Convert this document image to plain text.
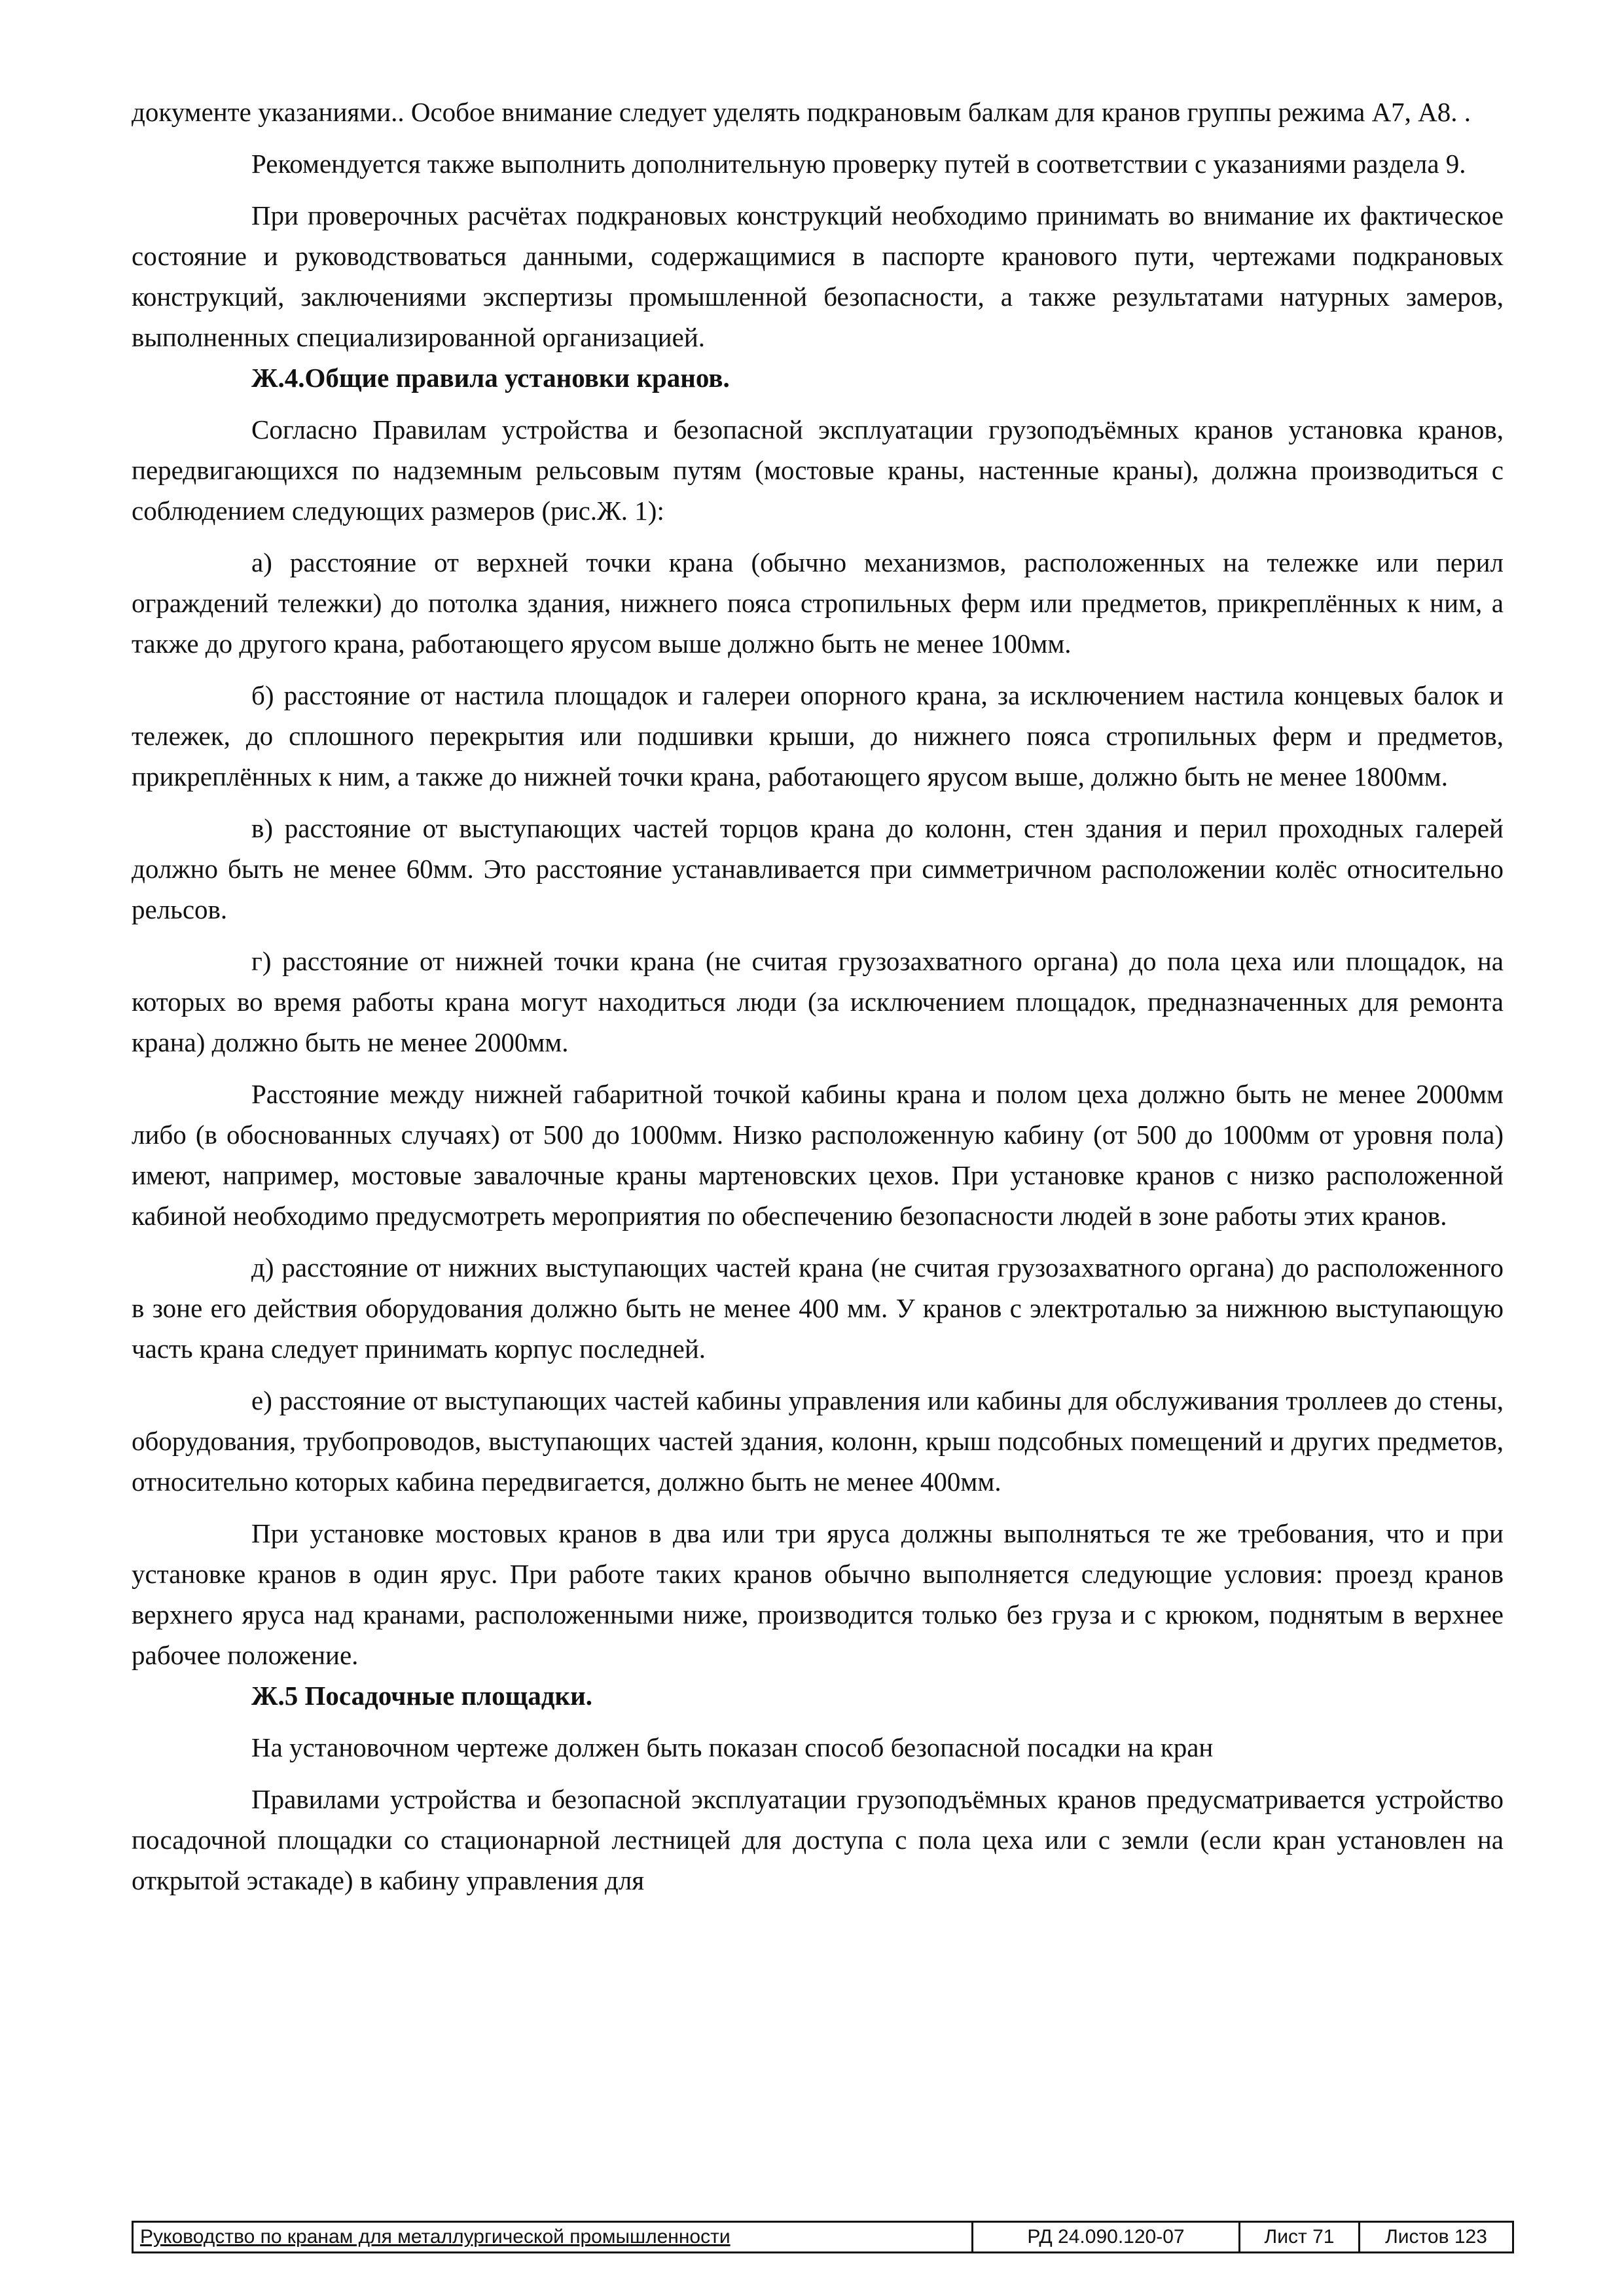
документе указаниями.. Особое внимание следует уделять подкрановым балкам для кранов группы режима А7, А8. .

Рекомендуется также выполнить дополнительную проверку путей в соответствии с указаниями раздела 9.

При проверочных расчётах подкрановых конструкций необходимо принимать во внимание их фактическое состояние и руководствоваться данными, содержащимися в паспорте кранового пути, чертежами подкрановых конструкций, заключениями экспертизы промышленной безопасности, а также результатами натурных замеров, выполненных специализированной организацией.

Ж.4.Общие правила установки кранов.

Согласно Правилам устройства и безопасной эксплуатации грузоподъёмных кранов установка кранов, передвигающихся по надземным рельсовым путям (мостовые краны, настенные краны), должна производиться с соблюдением следующих размеров (рис.Ж. 1):

а) расстояние от верхней точки крана (обычно механизмов, расположенных на тележке или перил ограждений тележки) до потолка здания, нижнего пояса стропильных ферм или предметов, прикреплённых к ним, а также до другого крана, работающего ярусом выше должно быть не менее 100мм.

б) расстояние от настила площадок и галереи опорного крана, за исключением настила концевых балок и тележек, до сплошного перекрытия или подшивки крыши, до нижнего пояса стропильных ферм и предметов, прикреплённых к ним, а также до нижней точки крана, работающего ярусом выше, должно быть не менее 1800мм.

в) расстояние от выступающих частей торцов крана до колонн, стен здания и перил проходных галерей должно быть не менее 60мм. Это расстояние устанавливается при симметричном расположении колёс относительно рельсов.

г) расстояние от нижней точки крана (не считая грузозахватного органа) до пола цеха или площадок, на которых во время работы крана могут находиться люди (за исключением площадок, предназначенных для ремонта крана) должно быть не менее 2000мм.

Расстояние между нижней габаритной точкой кабины крана и полом цеха должно быть не менее 2000мм либо (в обоснованных случаях) от 500 до 1000мм. Низко расположенную кабину (от 500 до 1000мм от уровня пола) имеют, например, мостовые завалочные краны мартеновских цехов. При установке кранов с низко расположенной кабиной необходимо предусмотреть мероприятия по обеспечению безопасности людей в зоне работы этих кранов.

д) расстояние от нижних выступающих частей крана (не считая грузозахватного органа) до расположенного в зоне его действия оборудования должно быть не менее 400 мм. У кранов с электроталью за нижнюю выступающую часть крана следует принимать корпус последней.

е) расстояние от выступающих частей кабины управления или кабины для обслуживания троллеев до стены, оборудования, трубопроводов, выступающих частей здания, колонн, крыш подсобных помещений и других предметов, относительно которых кабина передвигается, должно быть не менее 400мм.

При установке мостовых кранов в два или три яруса должны выполняться те же требования, что и при установке кранов в один ярус. При работе таких кранов обычно выполняется следующие условия: проезд кранов верхнего яруса над кранами, расположенными ниже, производится только без груза и с крюком, поднятым в верхнее рабочее положение.

Ж.5 Посадочные площадки.

На установочном чертеже должен быть показан способ безопасной посадки на кран

Правилами устройства и безопасной эксплуатации грузоподъёмных кранов предусматривается устройство посадочной площадки со стационарной лестницей для доступа с пола цеха или с земли (если кран установлен на открытой эстакаде) в кабину управления для

Руководство по кранам для металлургической промышленности	РД 24.090.120-07	Лист 71	Листов 123
